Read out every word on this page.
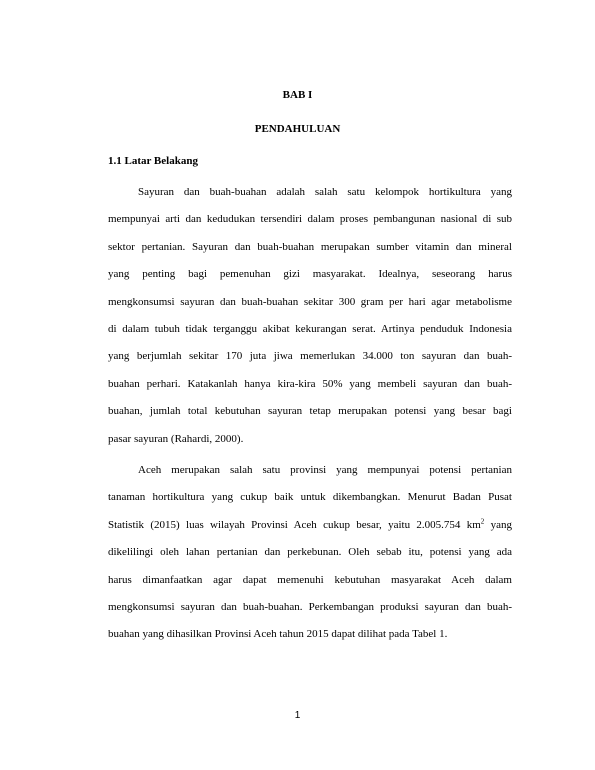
BAB I

PENDAHULUAN

1.1 Latar Belakang

Sayuran dan buah-buahan adalah salah satu kelompok hortikultura yang

mempunyai arti dan kedudukan tersendiri dalam proses pembangunan nasional di sub

sektor pertanian. Sayuran dan buah-buahan merupakan sumber vitamin dan mineral

yang penting bagi pemenuhan gizi masyarakat. Idealnya, seseorang harus

mengkonsumsi sayuran dan buah-buahan sekitar 300 gram per hari agar metabolisme

di dalam tubuh tidak terganggu akibat kekurangan serat. Artinya penduduk Indonesia

yang berjumlah sekitar 170 juta jiwa memerlukan 34.000 ton sayuran dan buah-

buahan perhari. Katakanlah hanya kira-kira 50% yang membeli sayuran dan buah-

buahan, jumlah total kebutuhan sayuran tetap merupakan potensi yang besar bagi

pasar sayuran (Rahardi, 2000).

Aceh merupakan salah satu provinsi yang mempunyai potensi pertanian

tanaman hortikultura yang cukup baik untuk dikembangkan. Menurut Badan Pusat

Statistik (2015) luas wilayah Provinsi Aceh cukup besar, yaitu 2.005.754 $km^2$ yang

dikelilingi oleh lahan pertanian dan perkebunan. Oleh sebab itu, potensi yang ada

harus dimanfaatkan agar dapat memenuhi kebutuhan masyarakat Aceh dalam

mengkonsumsi sayuran dan buah-buahan. Perkembangan produksi sayuran dan buah-

buahan yang dihasilkan Provinsi Aceh tahun 2015 dapat dilihat pada Tabel 1.

1
